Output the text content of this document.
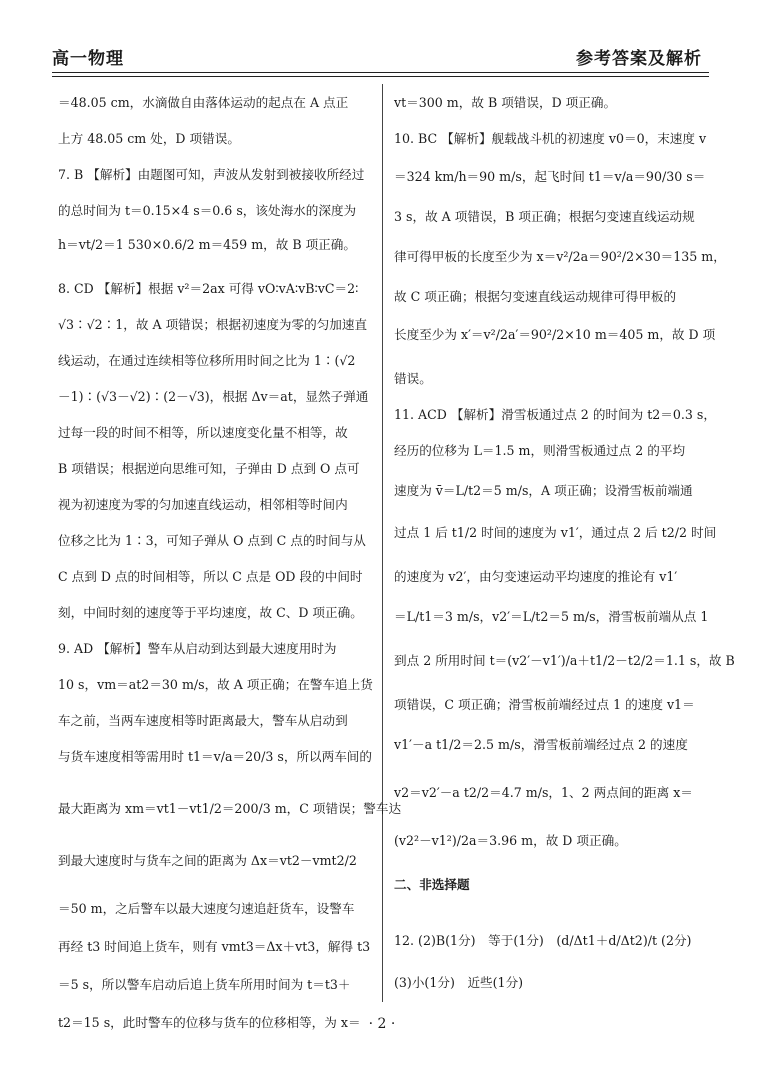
高一物理	参考答案及解析
＝48.05 cm，水滴做自由落体运动的起点在 A 点正
上方 48.05 cm 处，D 项错误。
7. B 【解析】由题图可知，声波从发射到被接收所经过
的总时间为 t＝0.15×4 s＝0.6 s，该处海水的深度为
h＝vt/2＝1 530×0.6/2 m＝459 m，故 B 项正确。
8. CD 【解析】根据 v²＝2ax 可得 vO∶vA∶vB∶vC＝2∶
√3∶√2∶1，故 A 项错误；根据初速度为零的匀加速直
线运动，在通过连续相等位移所用时间之比为 1∶(√2
－1)∶(√3－√2)∶(2－√3)，根据 Δv＝at，显然子弹通
过每一段的时间不相等，所以速度变化量不相等，故
B 项错误；根据逆向思维可知，子弹由 D 点到 O 点可
视为初速度为零的匀加速直线运动，相邻相等时间内
位移之比为 1∶3，可知子弹从 O 点到 C 点的时间与从
C 点到 D 点的时间相等，所以 C 点是 OD 段的中间时
刻，中间时刻的速度等于平均速度，故 C、D 项正确。
9. AD 【解析】警车从启动到达到最大速度用时为
10 s，vm＝at2＝30 m/s，故 A 项正确；在警车追上货
车之前，当两车速度相等时距离最大，警车从启动到
与货车速度相等需用时 t1＝v/a＝20/3 s，所以两车间的
最大距离为 xm＝vt1－vt1/2＝200/3 m，C 项错误；警车达
到最大速度时与货车之间的距离为 Δx＝vt2－vmt2/2
＝50 m，之后警车以最大速度匀速追赶货车，设警车
再经 t3 时间追上货车，则有 vmt3＝Δx＋vt3，解得 t3
＝5 s，所以警车启动后追上货车所用时间为 t＝t3＋
t2＝15 s，此时警车的位移与货车的位移相等，为 x＝
vt＝300 m，故 B 项错误，D 项正确。
10. BC 【解析】舰载战斗机的初速度 v0＝0，末速度 v
＝324 km/h＝90 m/s，起飞时间 t1＝v/a＝90/30 s＝
3 s，故 A 项错误，B 项正确；根据匀变速直线运动规
律可得甲板的长度至少为 x＝v²/2a＝90²/2×30＝135 m，
故 C 项正确；根据匀变速直线运动规律可得甲板的
长度至少为 x′＝v²/2a′＝90²/2×10 m＝405 m，故 D 项
错误。
11. ACD 【解析】滑雪板通过点 2 的时间为 t2＝0.3 s，
经历的位移为 L＝1.5 m，则滑雪板通过点 2 的平均
速度为 v̄＝L/t2＝5 m/s，A 项正确；设滑雪板前端通
过点 1 后 t1/2 时间的速度为 v1′，通过点 2 后 t2/2 时间
的速度为 v2′，由匀变速运动平均速度的推论有 v1′
＝L/t1＝3 m/s，v2′＝L/t2＝5 m/s，滑雪板前端从点 1
到点 2 所用时间 t＝(v2′－v1′)/a＋t1/2－t2/2＝1.1 s，故 B
项错误，C 项正确；滑雪板前端经过点 1 的速度 v1＝
v1′－a t1/2＝2.5 m/s，滑雪板前端经过点 2 的速度
v2＝v2′－a t2/2＝4.7 m/s，1、2 两点间的距离 x＝
(v2²－v1²)/2a＝3.96 m，故 D 项正确。
二、非选择题
12. (2)B(1分)　等于(1分)　(d/Δt1＋d/Δt2)/t (2分)
(3)小(1分)　近些(1分)
· 2 ·
